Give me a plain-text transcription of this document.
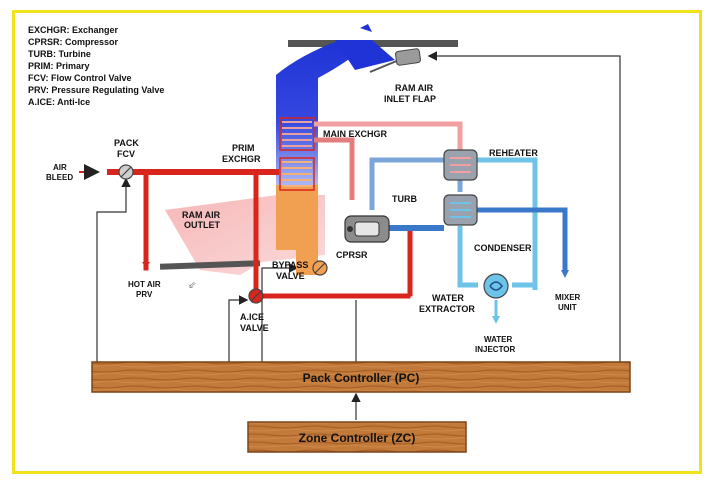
EXCHGR: Exchanger
CPRSR: Compressor
TURB: Turbine
PRIM: Primary
FCV: Flow Control Valve
PRV: Pressure Regulating Valve
A.ICE: Anti-Ice
RAM AIR
INLET FLAP
RAM AIR
OUTLET
⇙
MAIN EXCHGR
PRIM
EXCHGR
HOT AIR
PRV
AIR
BLEED
PACK
FCV	REHEATER
CONDENSER
TURB
CPRSR
BYPASS
VALVE
A.ICE
VALVE
WATER
EXTRACTOR
WATER
INJECTOR
MIXER
UNIT
Pack Controller (PC)
Zone Controller (ZC)
